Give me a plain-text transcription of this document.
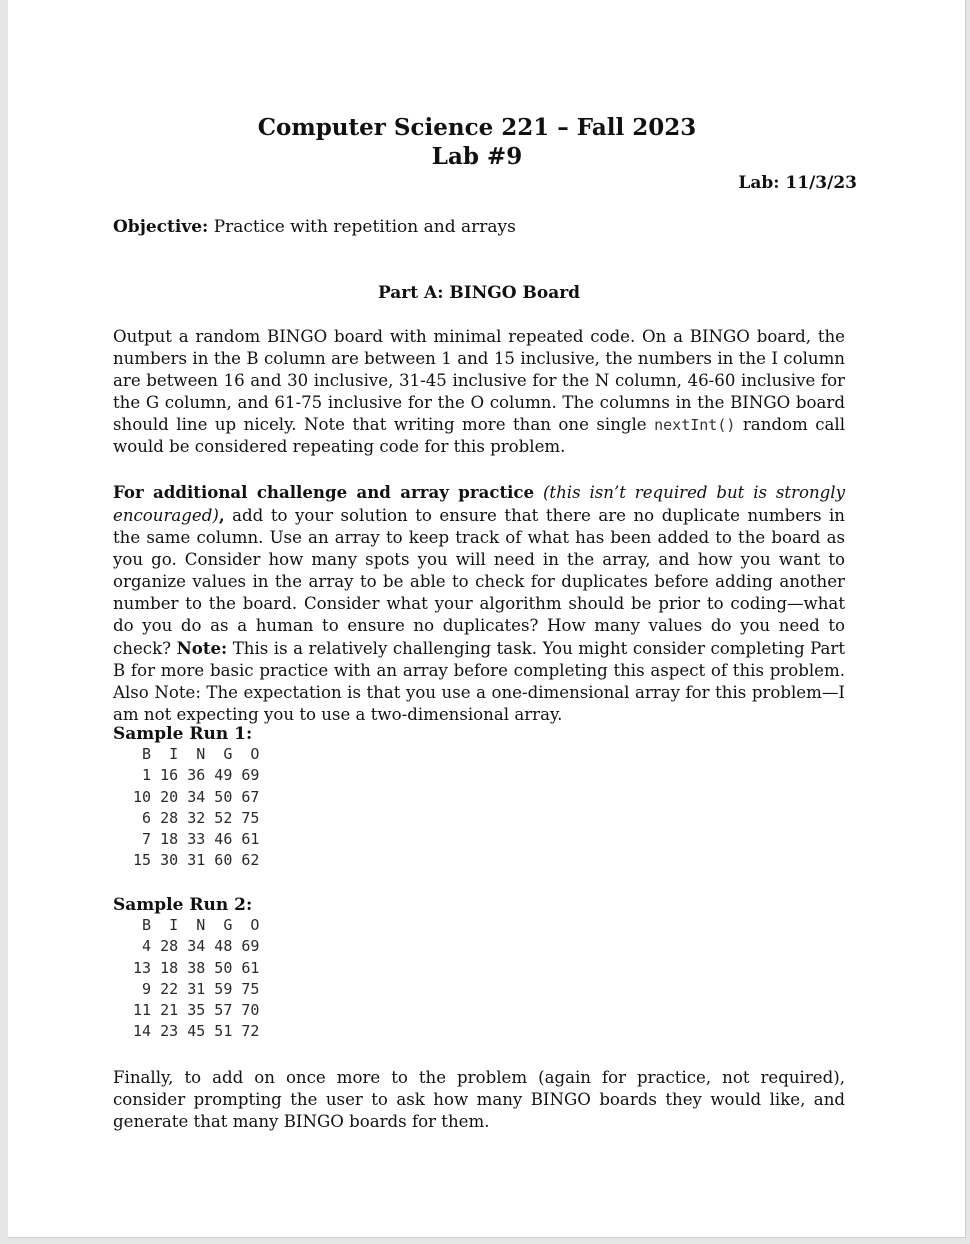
Computer Science 221 – Fall 2023
Lab #9
Lab: 11/3/23
Objective: Practice with repetition and arrays
Part A: BINGO Board
Output a random BINGO board with minimal repeated code. On a BINGO board, the numbers in the B column are between 1 and 15 inclusive, the numbers in the I column are between 16 and 30 inclusive, 31-45 inclusive for the N column, 46-60 inclusive for the G column, and 61-75 inclusive for the O column. The columns in the BINGO board should line up nicely. Note that writing more than one single nextInt() random call would be considered repeating code for this problem.
For additional challenge and array practice (this isn’t required but is strongly encouraged), add to your solution to ensure that there are no duplicate numbers in the same column. Use an array to keep track of what has been added to the board as you go. Consider how many spots you will need in the array, and how you want to organize values in the array to be able to check for duplicates before adding another number to the board. Consider what your algorithm should be prior to coding—what do you do as a human to ensure no duplicates? How many values do you need to check? Note: This is a relatively challenging task. You might consider completing Part B for more basic practice with an array before completing this aspect of this problem. Also Note: The expectation is that you use a one-dimensional array for this problem—I am not expecting you to use a two-dimensional array.
Sample Run 1:
B  I  N  G  O
1 16 36 49 69
10 20 34 50 67
6 28 32 52 75
7 18 33 46 61
15 30 31 60 62
Sample Run 2:
B  I  N  G  O
4 28 34 48 69
13 18 38 50 61
9 22 31 59 75
11 21 35 57 70
14 23 45 51 72
Finally, to add on once more to the problem (again for practice, not required), consider prompting the user to ask how many BINGO boards they would like, and generate that many BINGO boards for them.
